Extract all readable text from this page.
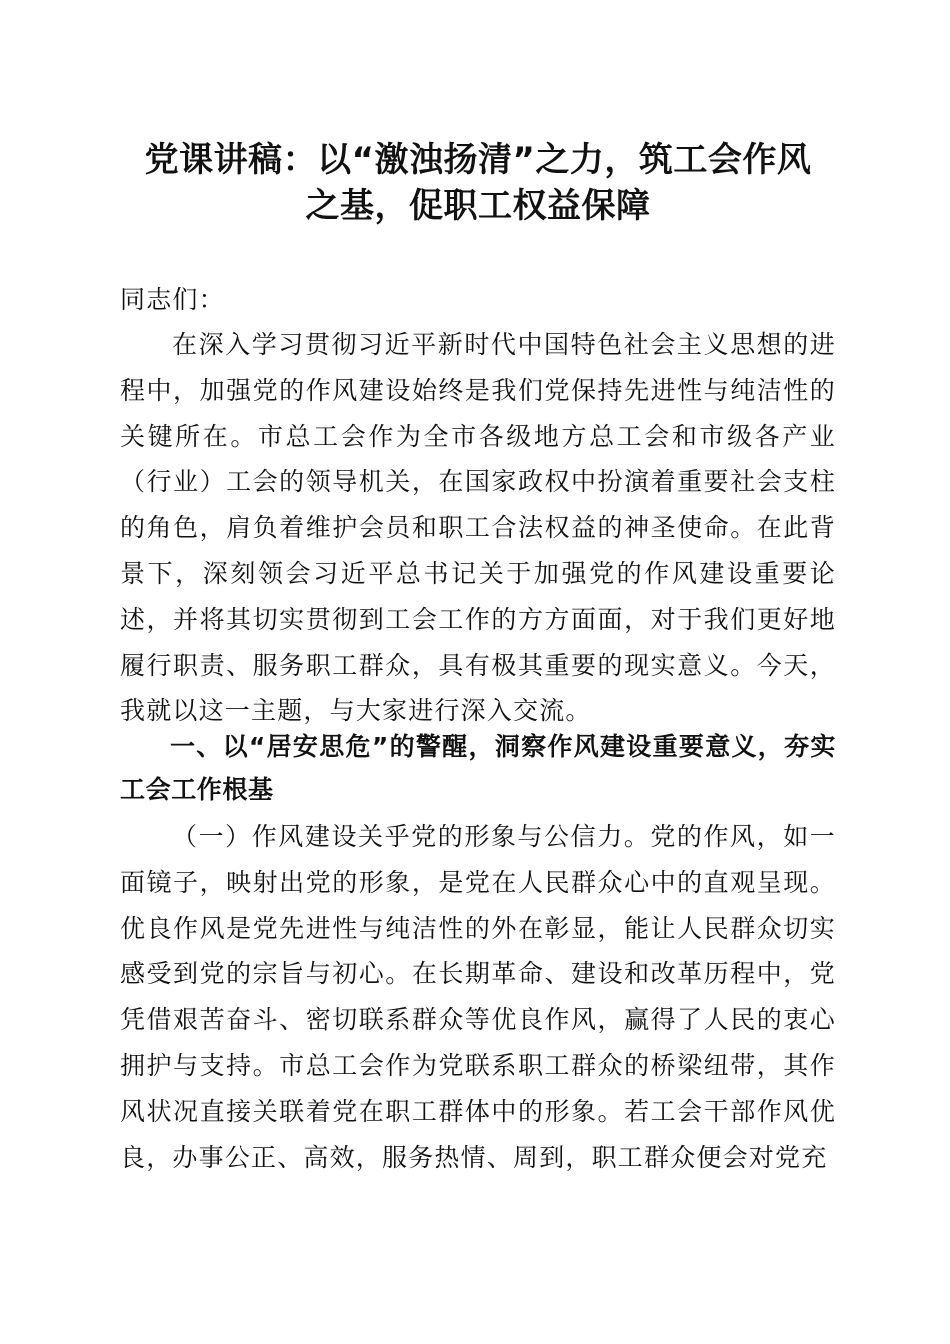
党课讲稿：以“激浊扬清”之力，筑工会作风
之基，促职工权益保障

同志们：

在深入学习贯彻习近平新时代中国特色社会主义思想的进程中，加强党的作风建设始终是我们党保持先进性与纯洁性的关键所在。市总工会作为全市各级地方总工会和市级各产业（行业）工会的领导机关，在国家政权中扮演着重要社会支柱的角色，肩负着维护会员和职工合法权益的神圣使命。在此背景下，深刻领会习近平总书记关于加强党的作风建设重要论述，并将其切实贯彻到工会工作的方方面面，对于我们更好地履行职责、服务职工群众，具有极其重要的现实意义。今天，我就以这一主题，与大家进行深入交流。

一、以“居安思危”的警醒，洞察作风建设重要意义，夯实工会工作根基

（一）作风建设关乎党的形象与公信力。党的作风，如一面镜子，映射出党的形象，是党在人民群众心中的直观呈现。优良作风是党先进性与纯洁性的外在彰显，能让人民群众切实感受到党的宗旨与初心。在长期革命、建设和改革历程中，党凭借艰苦奋斗、密切联系群众等优良作风，赢得了人民的衷心拥护与支持。市总工会作为党联系职工群众的桥梁纽带，其作风状况直接关联着党在职工群体中的形象。若工会干部作风优良，办事公正、高效，服务热情、周到，职工群众便会对党充
